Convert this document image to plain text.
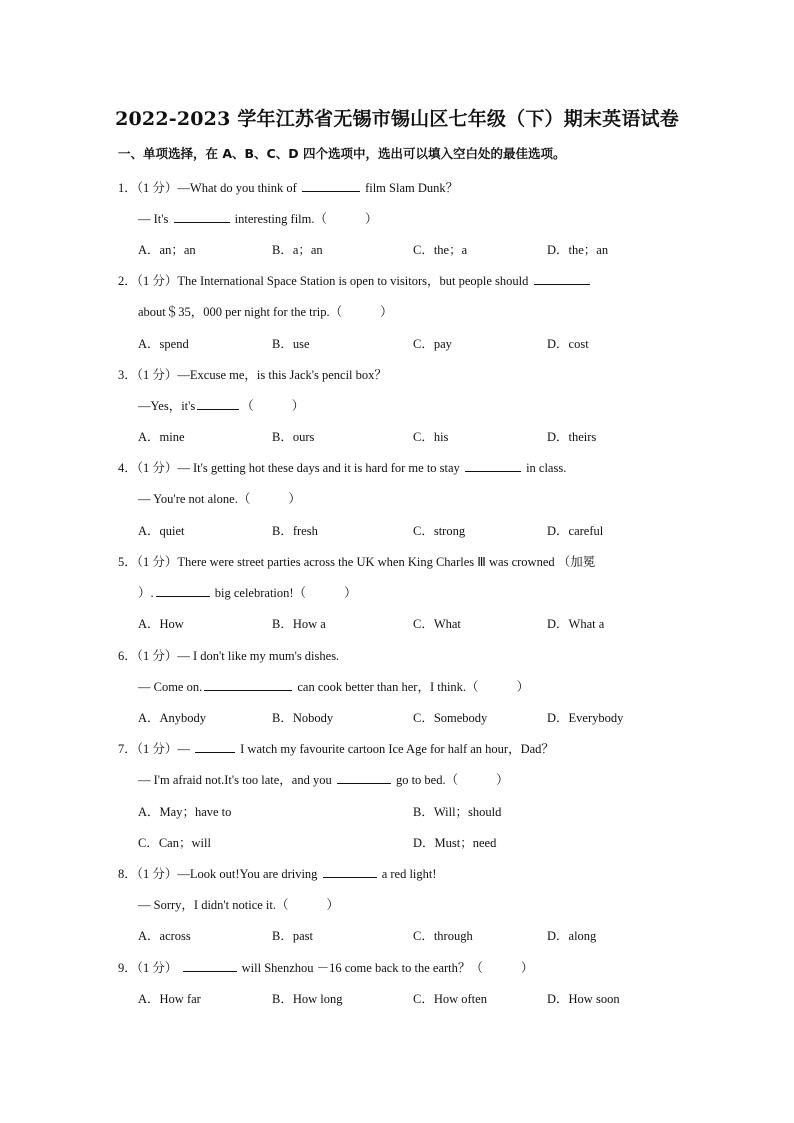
2022-2023 学年江苏省无锡市锡山区七年级（下）期末英语试卷
一、单项选择，在 A、B、C、D 四个选项中，选出可以填入空白处的最佳选项。
1．（1 分）—What do you think of	film Slam Dunk？
— It's	interesting film.（	）
A．an；an	B．a；an	C．the；a	D．the；an
2．（1 分）The International Space Station is open to visitors，but people should
about＄35，000 per night for the trip.（	）
A．spend	B．use	C．pay	D．cost
3．（1 分）—Excuse me，is this Jack's pencil box？
—Yes，it's	（	）
A．mine	B．ours	C．his	D．theirs
4．（1 分）— It's getting hot these days and it is hard for me to stay	in class.
— You're not alone.（	）
A．quiet	B．fresh	C．strong	D．careful
5．（1 分）There were street parties across the UK when King Charles Ⅲ was crowned （加冕
）.	big celebration!（	）
A．How	B．How a	C．What	D．What a
6．（1 分）— I don't like my mum's dishes.
— Come on.	can cook better than her，I think.（	）
A．Anybody	B．Nobody	C．Somebody	D．Everybody
7．（1 分）—	I watch my favourite cartoon Ice Age for half an hour，Dad？
— I'm afraid not.It's too late，and you	go to bed.（	）
A．May；have to	B．Will；should
C．Can；will	D．Must；need
8．（1 分）—Look out!You are driving	a red light!
— Sorry，I didn't notice it.（	）
A．across	B．past	C．through	D．along
9．（1 分）	will Shenzhou －16 come back to the earth？（	）
A．How far	B．How long	C．How often	D．How soon
